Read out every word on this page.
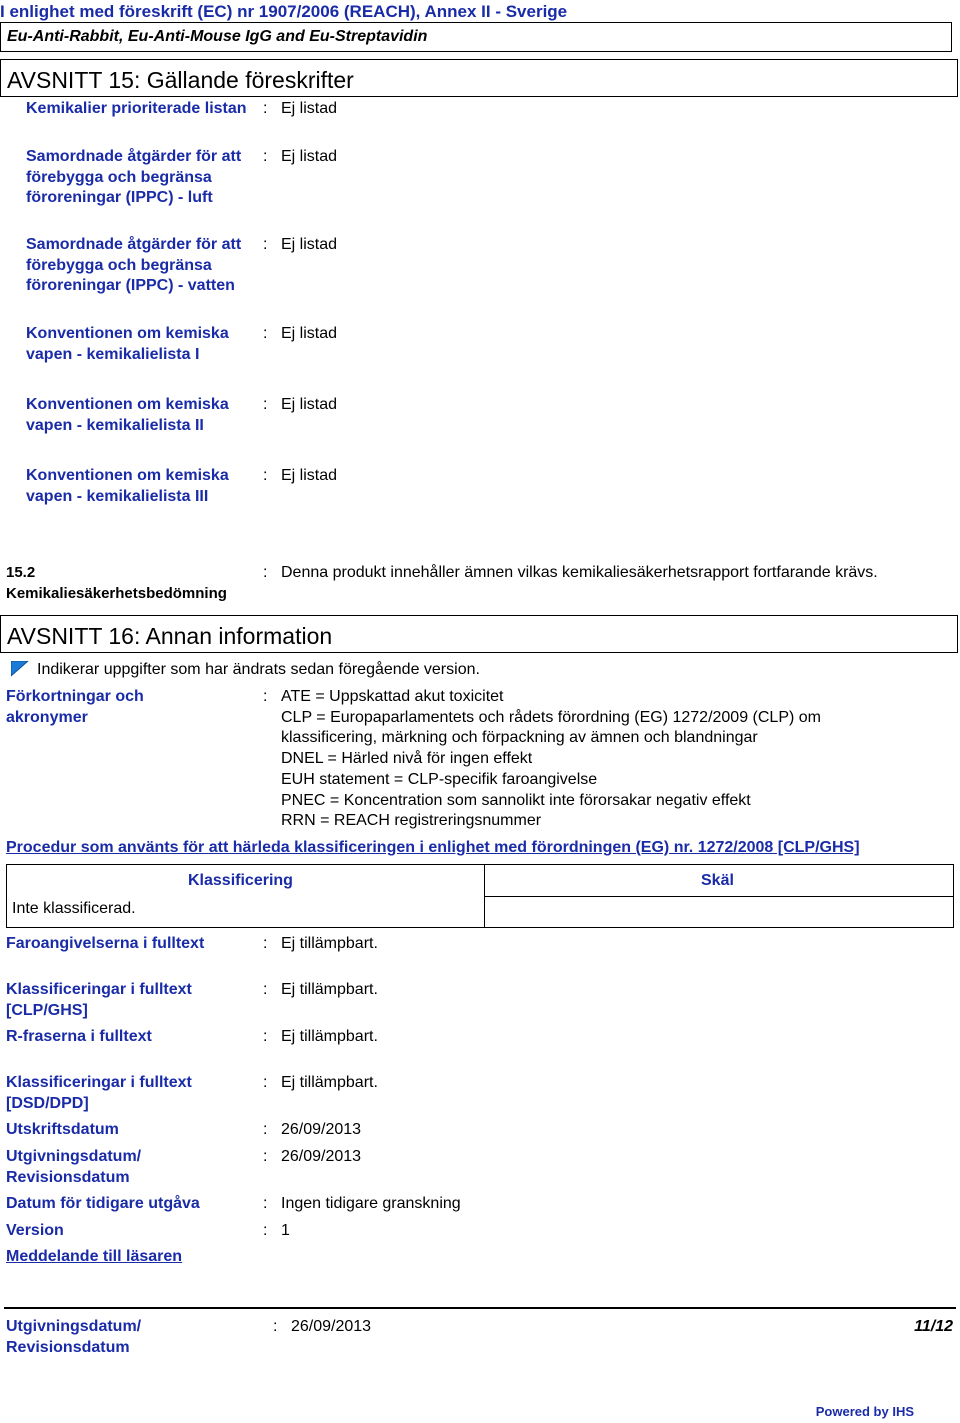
I enlighet med föreskrift (EC) nr 1907/2006 (REACH), Annex II - Sverige
Eu-Anti-Rabbit, Eu-Anti-Mouse IgG and Eu-Streptavidin
AVSNITT 15: Gällande föreskrifter
Kemikalier prioriterade listan : Ej listad
Samordnade åtgärder för att förebygga och begränsa föroreningar (IPPC) - luft
: Ej listad
Samordnade åtgärder för att förebygga och begränsa föroreningar (IPPC) - vatten
: Ej listad
Konventionen om kemiska vapen - kemikalielista I
: Ej listad
Konventionen om kemiska vapen - kemikalielista II
: Ej listad
Konventionen om kemiska vapen - kemikalielista III
: Ej listad
15.2 Kemikaliesäkerhetsbedömning
: Denna produkt innehåller ämnen vilkas kemikaliesäkerhetsrapport fortfarande krävs.
AVSNITT 16: Annan information
Indikerar uppgifter som har ändrats sedan föregående version.
Förkortningar och akronymer
: ATE = Uppskattad akut toxicitet
CLP = Europaparlamentets och rådets förordning (EG) 1272/2009 (CLP) om
klassificering, märkning och förpackning av ämnen och blandningar
DNEL = Härled nivå för ingen effekt
EUH statement = CLP-specifik faroangivelse
PNEC = Koncentration som sannolikt inte förorsakar negativ effekt
RRN = REACH registreringsnummer
Procedur som använts för att härleda klassificeringen i enlighet med förordningen (EG) nr. 1272/2008 [CLP/GHS]
Klassificering	Skäl
Inte klassificerad.
Faroangivelserna i fulltext	: Ej tillämpbart.
Klassificeringar i fulltext [CLP/GHS]
: Ej tillämpbart.
R-fraserna i fulltext	: Ej tillämpbart.
Klassificeringar i fulltext [DSD/DPD]
: Ej tillämpbart.
Utskriftsdatum	: 26/09/2013
Utgivningsdatum/ Revisionsdatum
: 26/09/2013
Datum för tidigare utgåva	: Ingen tidigare granskning
Version	: 1
Meddelande till läsaren
Utgivningsdatum/ Revisionsdatum
: 26/09/2013	11/12
Powered by IHS
